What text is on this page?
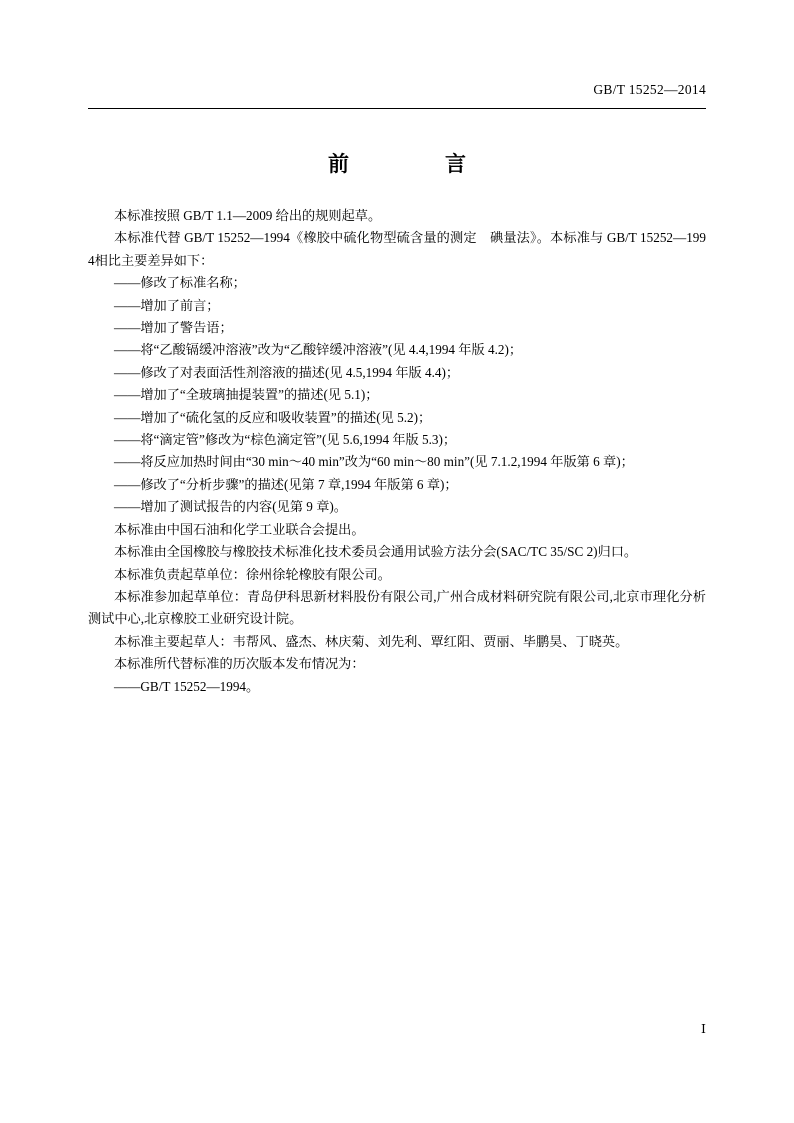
GB/T 15252—2014
前　　言

本标准按照 GB/T 1.1—2009 给出的规则起草。

本标准代替 GB/T 15252—1994《橡胶中硫化物型硫含量的测定　碘量法》。本标准与 GB/T 15252—1994相比主要差异如下：

——修改了标准名称；

——增加了前言；

——增加了警告语；

——将“乙酸镉缓冲溶液”改为“乙酸锌缓冲溶液”(见 4.4,1994 年版 4.2)；

——修改了对表面活性剂溶液的描述(见 4.5,1994 年版 4.4)；

——增加了“全玻璃抽提装置”的描述(见 5.1)；

——增加了“硫化氢的反应和吸收装置”的描述(见 5.2)；

——将“滴定管”修改为“棕色滴定管”(见 5.6,1994 年版 5.3)；

——将反应加热时间由“30 min～40 min”改为“60 min～80 min”(见 7.1.2,1994 年版第 6 章)；

——修改了“分析步骤”的描述(见第 7 章,1994 年版第 6 章)；

——增加了测试报告的内容(见第 9 章)。

本标准由中国石油和化学工业联合会提出。

本标准由全国橡胶与橡胶技术标准化技术委员会通用试验方法分会(SAC/TC 35/SC 2)归口。

本标准负责起草单位：徐州徐轮橡胶有限公司。

本标准参加起草单位：青岛伊科思新材料股份有限公司,广州合成材料研究院有限公司,北京市理化分析测试中心,北京橡胶工业研究设计院。

本标准主要起草人：韦帮风、盛杰、林庆菊、刘先利、覃红阳、贾丽、毕鹏昊、丁晓英。

本标准所代替标准的历次版本发布情况为：

——GB/T 15252—1994。

Ⅰ
